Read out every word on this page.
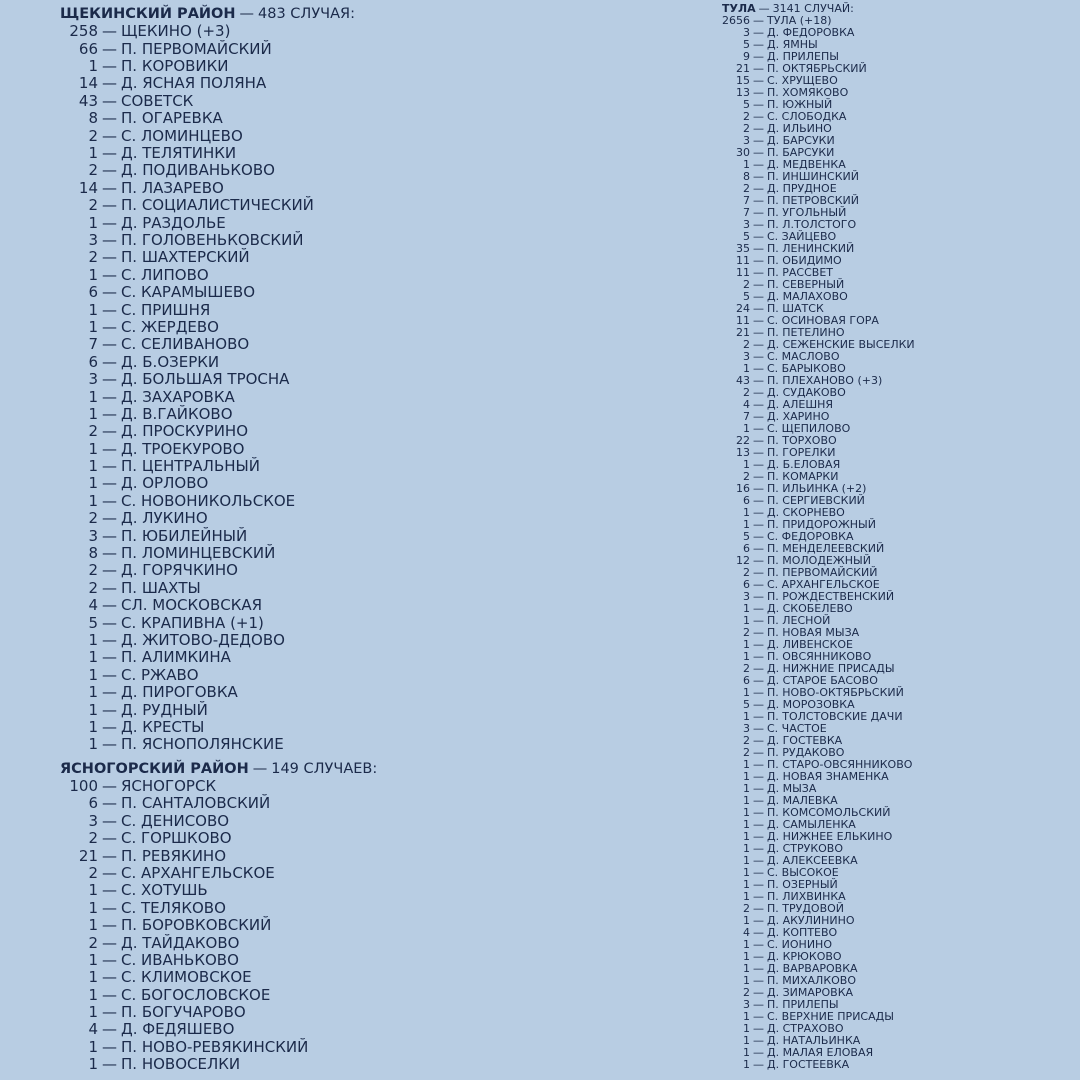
ЩЕКИНСКИЙ РАЙОН — 483 СЛУЧАЯ:
258 — ЩЕКИНО (+3)
66 — П. ПЕРВОМАЙСКИЙ
1 — П. КОРОВИКИ
14 — Д. ЯСНАЯ ПОЛЯНА
43 — СОВЕТСК
8 — П. ОГАРЕВКА
2 — С. ЛОМИНЦЕВО
1 — Д. ТЕЛЯТИНКИ
2 — Д. ПОДИВАНЬКОВО
14 — П. ЛАЗАРЕВО
2 — П. СОЦИАЛИСТИЧЕСКИЙ
1 — Д. РАЗДОЛЬЕ
3 — П. ГОЛОВЕНЬКОВСКИЙ
2 — П. ШАХТЕРСКИЙ
1 — С. ЛИПОВО
6 — С. КАРАМЫШЕВО
1 — С. ПРИШНЯ
1 — С. ЖЕРДЕВО
7 — С. СЕЛИВАНОВО
6 — Д. Б.ОЗЕРКИ
3 — Д. БОЛЬШАЯ ТРОСНА
1 — Д. ЗАХАРОВКА
1 — Д. В.ГАЙКОВО
2 — Д. ПРОСКУРИНО
1 — Д. ТРОЕКУРОВО
1 — П. ЦЕНТРАЛЬНЫЙ
1 — Д. ОРЛОВО
1 — С. НОВОНИКОЛЬСКОЕ
2 — Д. ЛУКИНО
3 — П. ЮБИЛЕЙНЫЙ
8 — П. ЛОМИНЦЕВСКИЙ
2 — Д. ГОРЯЧКИНО
2 — П. ШАХТЫ
4 — СЛ. МОСКОВСКАЯ
5 — С. КРАПИВНА (+1)
1 — Д. ЖИТОВО-ДЕДОВО
1 — П. АЛИМКИНА
1 — С. РЖАВО
1 — Д. ПИРОГОВКА
1 — Д. РУДНЫЙ
1 — Д. КРЕСТЫ
1 — П. ЯСНОПОЛЯНСКИЕ
ЯСНОГОРСКИЙ РАЙОН — 149 СЛУЧАЕВ:
100 — ЯСНОГОРСК
6 — П. САНТАЛОВСКИЙ
3 — С. ДЕНИСОВО
2 — С. ГОРШКОВО
21 — П. РЕВЯКИНО
2 — С. АРХАНГЕЛЬСКОЕ
1 — С. ХОТУШЬ
1 — С. ТЕЛЯКОВО
1 — П. БОРОВКОВСКИЙ
2 — Д. ТАЙДАКОВО
1 — С. ИВАНЬКОВО
1 — С. КЛИМОВСКОЕ
1 — С. БОГОСЛОВСКОЕ
1 — П. БОГУЧАРОВО
4 — Д. ФЕДЯШЕВО
1 — П. НОВО-РЕВЯКИНСКИЙ
1 — П. НОВОСЕЛКИ
ТУЛА — 3141 СЛУЧАЙ:
2656 — ТУЛА (+18)
3 — Д. ФЕДОРОВКА
5 — Д. ЯМНЫ
9 — Д. ПРИЛЕПЫ
21 — П. ОКТЯБРЬСКИЙ
15 — С. ХРУЩЕВО
13 — П. ХОМЯКОВО
5 — П. ЮЖНЫЙ
2 — С. СЛОБОДКА
2 — Д. ИЛЬИНО
3 — Д. БАРСУКИ
30 — П. БАРСУКИ
1 — Д. МЕДВЕНКА
8 — П. ИНШИНСКИЙ
2 — Д. ПРУДНОЕ
7 — П. ПЕТРОВСКИЙ
7 — П. УГОЛЬНЫЙ
3 — П. Л.ТОЛСТОГО
5 — С. ЗАЙЦЕВО
35 — П. ЛЕНИНСКИЙ
11 — П. ОБИДИМО
11 — П. РАССВЕТ
2 — П. СЕВЕРНЫЙ
5 — Д. МАЛАХОВО
24 — П. ШАТСК
11 — С. ОСИНОВАЯ ГОРА
21 — П. ПЕТЕЛИНО
2 — Д. СЕЖЕНСКИЕ ВЫСЕЛКИ
3 — С. МАСЛОВО
1 — С. БАРЫКОВО
43 — П. ПЛЕХАНОВО (+3)
2 — Д. СУДАКОВО
4 — Д. АЛЕШНЯ
7 — Д. ХАРИНО
1 — С. ЩЕПИЛОВО
22 — П. ТОРХОВО
13 — П. ГОРЕЛКИ
1 — Д. Б.ЕЛОВАЯ
2 — П. КОМАРКИ
16 — П. ИЛЬИНКА (+2)
6 — П. СЕРГИЕВСКИЙ
1 — Д. СКОРНЕВО
1 — П. ПРИДОРОЖНЫЙ
5 — С. ФЕДОРОВКА
6 — П. МЕНДЕЛЕЕВСКИЙ
12 — П. МОЛОДЕЖНЫЙ
2 — П. ПЕРВОМАЙСКИЙ
6 — С. АРХАНГЕЛЬСКОЕ
3 — П. РОЖДЕСТВЕНСКИЙ
1 — Д. СКОБЕЛЕВО
1 — П. ЛЕСНОЙ
2 — П. НОВАЯ МЫЗА
1 — Д. ЛИВЕНСКОЕ
1 — П. ОВСЯННИКОВО
2 — Д. НИЖНИЕ ПРИСАДЫ
6 — Д. СТАРОЕ БАСОВО
1 — П. НОВО-ОКТЯБРЬСКИЙ
5 — Д. МОРОЗОВКА
1 — П. ТОЛСТОВСКИЕ ДАЧИ
3 — С. ЧАСТОЕ
2 — Д. ГОСТЕВКА
2 — П. РУДАКОВО
1 — П. СТАРО-ОВСЯННИКОВО
1 — Д. НОВАЯ ЗНАМЕНКА
1 — Д. МЫЗА
1 — Д. МАЛЕВКА
1 — П. КОМСОМОЛЬСКИЙ
1 — Д. САМЫЛЕНКА
1 — Д. НИЖНЕЕ ЕЛЬКИНО
1 — Д. СТРУКОВО
1 — Д. АЛЕКСЕЕВКА
1 — С. ВЫСОКОЕ
1 — П. ОЗЕРНЫЙ
1 — П. ЛИХВИНКА
2 — П. ТРУДОВОЙ
1 — Д. АКУЛИНИНО
4 — Д. КОПТЕВО
1 — С. ИОНИНО
1 — Д. КРЮКОВО
1 — Д. ВАРВАРОВКА
1 — П. МИХАЛКОВО
2 — Д. ЗИМАРОВКА
3 — П. ПРИЛЕПЫ
1 — С. ВЕРХНИЕ ПРИСАДЫ
1 — Д. СТРАХОВО
1 — Д. НАТАЛЬИНКА
1 — Д. МАЛАЯ ЕЛОВАЯ
1 — Д. ГОСТЕЕВКА
